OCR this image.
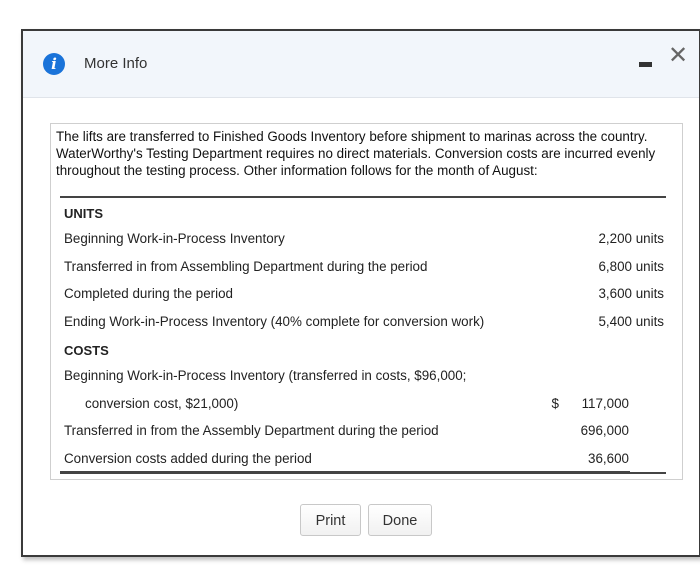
i	More Info	✕
The lifts are transferred to Finished Goods Inventory before shipment to marinas across the country. WaterWorthy's Testing Department requires no direct materials. Conversion costs are incurred evenly throughout the testing process. Other information follows for the month of August:
UNITS
Beginning Work-in-Process Inventory	2,200 units
Transferred in from Assembling Department during the period	6,800 units
Completed during the period	3,600 units
Ending Work-in-Process Inventory (40% complete for conversion work)	5,400 units
COSTS
Beginning Work-in-Process Inventory (transferred in costs, $96,000;
conversion cost, $21,000)	$ 117,000
Transferred in from the Assembly Department during the period	696,000
Conversion costs added during the period	36,600
Print	Done
